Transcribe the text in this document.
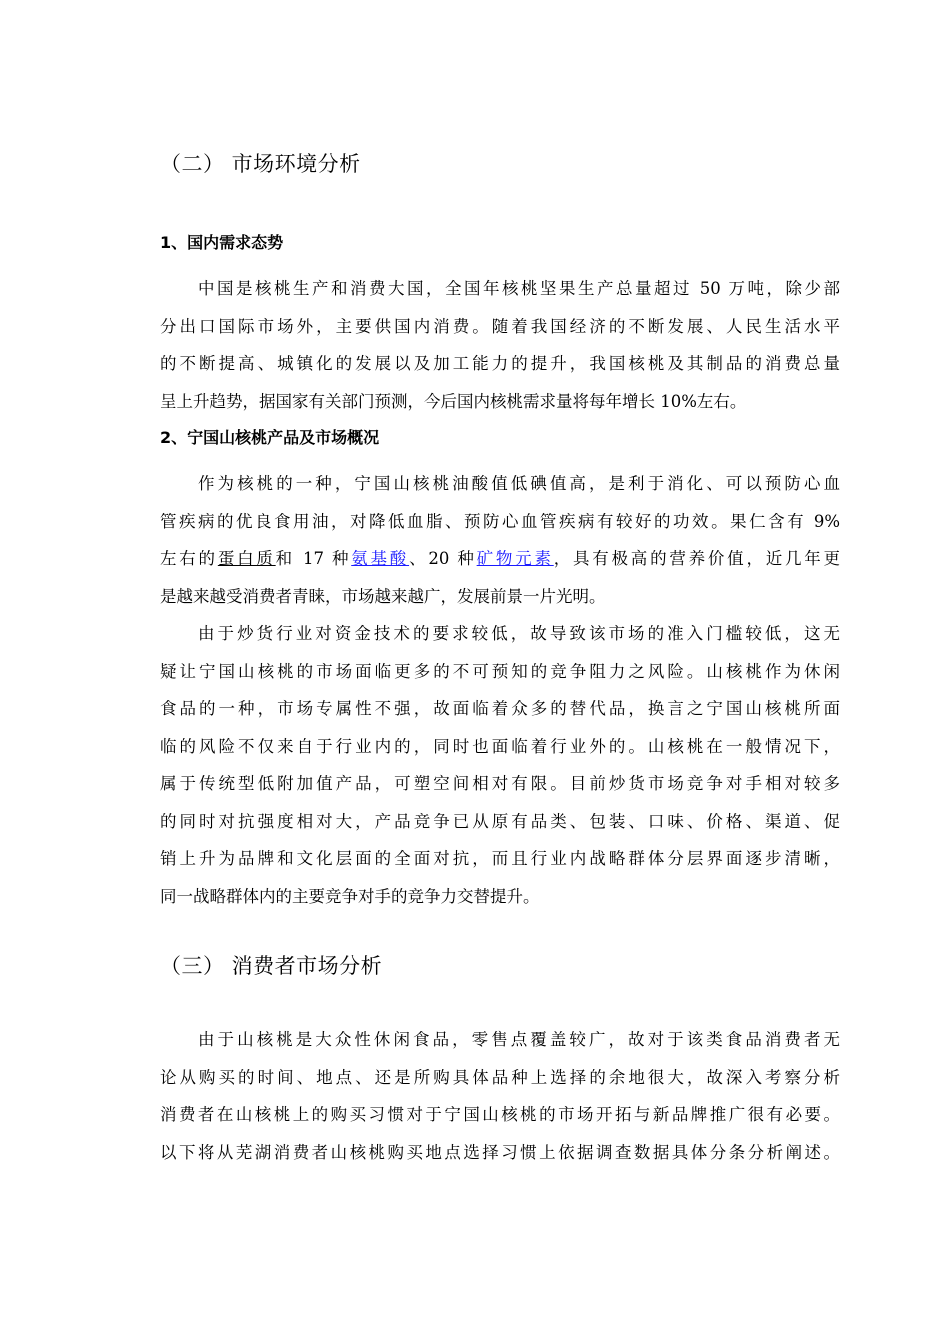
（二） 市场环境分析
1、国内需求态势
中国是核桃生产和消费大国，全国年核桃坚果生产总量超过 50 万吨，除少部
分出口国际市场外，主要供国内消费。随着我国经济的不断发展、人民生活水平
的不断提高、城镇化的发展以及加工能力的提升，我国核桃及其制品的消费总量
呈上升趋势，据国家有关部门预测，今后国内核桃需求量将每年增长 10%左右。
2、宁国山核桃产品及市场概况
作为核桃的一种，宁国山核桃油酸值低碘值高，是利于消化、可以预防心血
管疾病的优良食用油，对降低血脂、预防心血管疾病有较好的功效。果仁含有 9%
左右的蛋白质和 17 种氨基酸、20 种矿物元素，具有极高的营养价值，近几年更
是越来越受消费者青睐，市场越来越广，发展前景一片光明。
由于炒货行业对资金技术的要求较低，故导致该市场的准入门槛较低，这无
疑让宁国山核桃的市场面临更多的不可预知的竞争阻力之风险。山核桃作为休闲
食品的一种，市场专属性不强，故面临着众多的替代品，换言之宁国山核桃所面
临的风险不仅来自于行业内的，同时也面临着行业外的。山核桃在一般情况下，
属于传统型低附加值产品，可塑空间相对有限。目前炒货市场竞争对手相对较多
的同时对抗强度相对大，产品竞争已从原有品类、包装、口味、价格、渠道、促
销上升为品牌和文化层面的全面对抗，而且行业内战略群体分层界面逐步清晰，
同一战略群体内的主要竞争对手的竞争力交替提升。
（三） 消费者市场分析
由于山核桃是大众性休闲食品，零售点覆盖较广，故对于该类食品消费者无
论从购买的时间、地点、还是所购具体品种上选择的余地很大，故深入考察分析
消费者在山核桃上的购买习惯对于宁国山核桃的市场开拓与新品牌推广很有必要。
以下将从芜湖消费者山核桃购买地点选择习惯上依据调查数据具体分条分析阐述。
